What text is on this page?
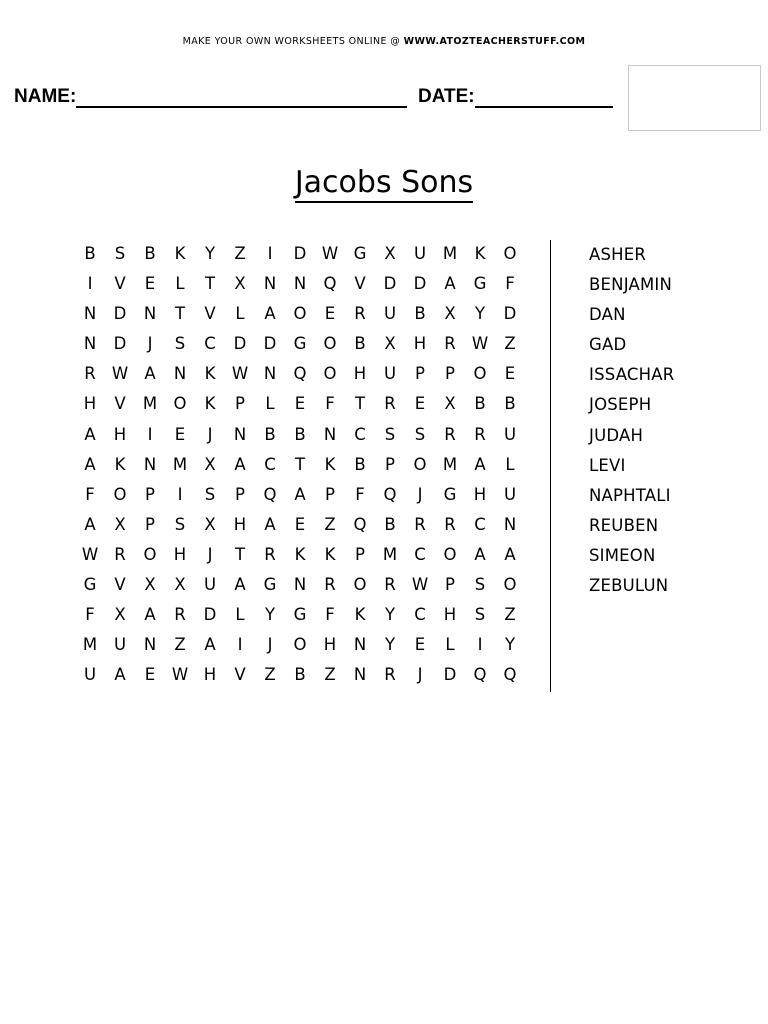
MAKE YOUR OWN WORKSHEETS ONLINE @ WWW.ATOZTEACHERSTUFF.COM
NAME:	DATE:
Jacobs Sons
B	S	B	K	Y	Z	I	D W G	X	U	M	K	O
I	V	E	L	T	X	N	N	Q	V	D	D	A	G	F
N	D	N	T	V	L	A	O	E	R	U	B	X	Y	D
N	D	J	S	C	D	D	G	O	B	X	H	R W Z
R W A	N	K W N	Q	O	H	U	P	P	O	E
H	V	M O	K	P	L	E	F	T	R	E	X	B	B
A	H	I	E	J	N	B	B	N	C	S	S	R	R	U
A	K	N	M	X	A	C	T	K	B	P	O M	A	L
F	O	P	I	S	P	Q	A	P	F	Q	J	G	H	U
A	X	P	S	X	H	A	E	Z	Q	B	R	R	C	N
W R	O	H	J	T	R	K	K	P	M	C	O	A	A
G	V	X	X	U	A	G	N	R	O	R W	P	S	O
F	X	A	R	D	L	Y	G	F	K	Y	C	H	S	Z
M	U	N	Z	A	I	J	O	H	N	Y	E	L	I	Y
U	A	E	W H	V	Z	B	Z	N	R	J	D	Q	Q
ASHER
BENJAMIN
DAN
GAD
ISSACHAR
JOSEPH
JUDAH
LEVI
NAPHTALI
REUBEN
SIMEON
ZEBULUN
